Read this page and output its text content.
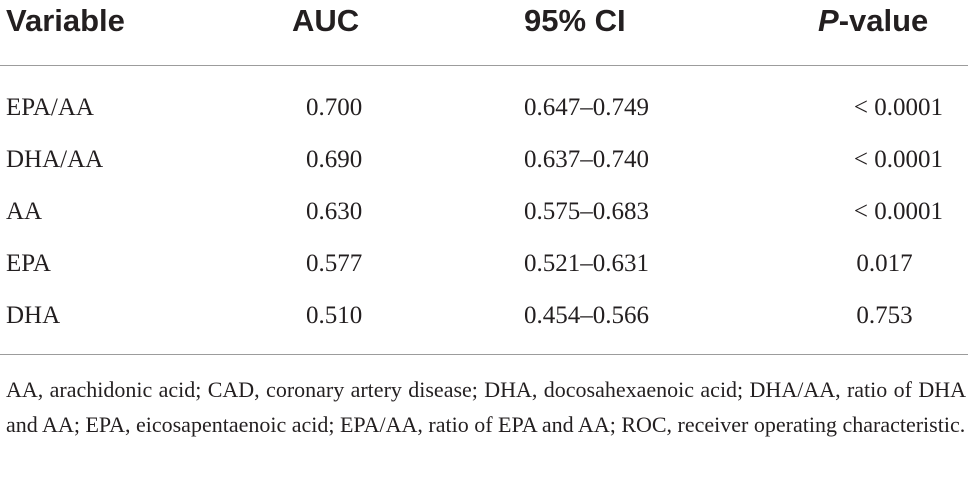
Variable	AUC	95% CI	P-value
EPA/AA	0.700	0.647–0.749	< 0.0001
DHA/AA	0.690	0.637–0.740	< 0.0001
AA	0.630	0.575–0.683	< 0.0001
EPA	0.577	0.521–0.631	0.017
DHA	0.510	0.454–0.566	0.753
AA, arachidonic acid; CAD, coronary artery disease; DHA, docosahexaenoic acid; DHA/AA, ratio of DHA and AA; EPA, eicosapentaenoic acid; EPA/AA, ratio of EPA and AA; ROC, receiver operating characteristic.
